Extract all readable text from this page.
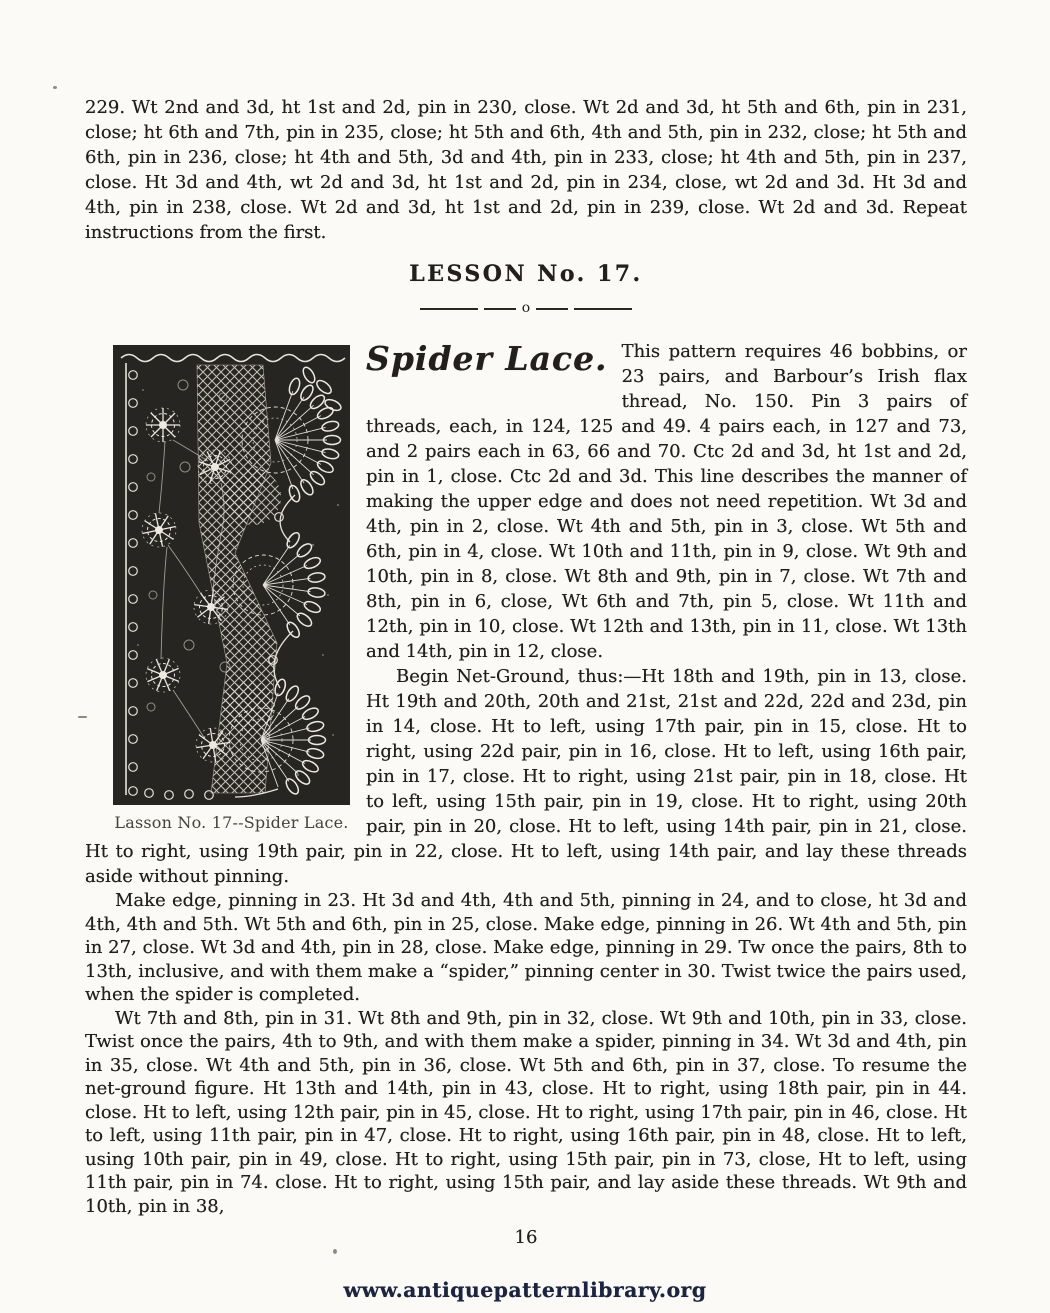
229. Wt 2nd and 3d, ht 1st and 2d, pin in 230, close. Wt 2d and 3d, ht 5th and 6th, pin in 231, close; ht 6th and 7th, pin in 235, close; ht 5th and 6th, 4th and 5th, pin in 232, close; ht 5th and 6th, pin in 236, close; ht 4th and 5th, 3d and 4th, pin in 233, close; ht 4th and 5th, pin in 237, close. Ht 3d and 4th, wt 2d and 3d, ht 1st and 2d, pin in 234, close, wt 2d and 3d. Ht 3d and 4th, pin in 238, close. Wt 2d and 3d, ht 1st and 2d, pin in 239, close. Wt 2d and 3d. Repeat instructions from the first.

LESSON No. 17.
o
Lasson No. 17--Spider Lace.

Spider Lace. This pattern requires 46 bobbins, or 23 pairs, and Barbour’s Irish flax thread, No. 150. Pin 3 pairs of threads, each, in 124, 125 and 49. 4 pairs each, in 127 and 73, and 2 pairs each in 63, 66 and 70. Ctc 2d and 3d, ht 1st and 2d, pin in 1, close. Ctc 2d and 3d. This line describes the manner of making the upper edge and does not need repetition. Wt 3d and 4th, pin in 2, close. Wt 4th and 5th, pin in 3, close. Wt 5th and 6th, pin in 4, close. Wt 10th and 11th, pin in 9, close. Wt 9th and 10th, pin in 8, close. Wt 8th and 9th, pin in 7, close. Wt 7th and 8th, pin in 6, close, Wt 6th and 7th, pin 5, close. Wt 11th and 12th, pin in 10, close. Wt 12th and 13th, pin in 11, close. Wt 13th and 14th, pin in 12, close.

Begin Net-Ground, thus:—Ht 18th and 19th, pin in 13, close. Ht 19th and 20th, 20th and 21st, 21st and 22d, 22d and 23d, pin in 14, close. Ht to left, using 17th pair, pin in 15, close. Ht to right, using 22d pair, pin in 16, close. Ht to left, using 16th pair, pin in 17, close. Ht to right, using 21st pair, pin in 18, close. Ht to left, using 15th pair, pin in 19, close. Ht to right, using 20th pair, pin in 20, close. Ht to left, using 14th pair, pin in 21, close. Ht to right, using 19th pair, pin in 22, close. Ht to left, using 14th pair, and lay these threads aside without pinning.

Make edge, pinning in 23. Ht 3d and 4th, 4th and 5th, pinning in 24, and to close, ht 3d and 4th, 4th and 5th. Wt 5th and 6th, pin in 25, close. Make edge, pinning in 26. Wt 4th and 5th, pin in 27, close. Wt 3d and 4th, pin in 28, close. Make edge, pinning in 29. Tw once the pairs, 8th to 13th, inclusive, and with them make a “spider,” pinning center in 30. Twist twice the pairs used, when the spider is completed.

Wt 7th and 8th, pin in 31. Wt 8th and 9th, pin in 32, close. Wt 9th and 10th, pin in 33, close. Twist once the pairs, 4th to 9th, and with them make a spider, pinning in 34. Wt 3d and 4th, pin in 35, close. Wt 4th and 5th, pin in 36, close. Wt 5th and 6th, pin in 37, close. To resume the net-ground figure. Ht 13th and 14th, pin in 43, close. Ht to right, using 18th pair, pin in 44. close. Ht to left, using 12th pair, pin in 45, close. Ht to right, using 17th pair, pin in 46, close. Ht to left, using 11th pair, pin in 47, close. Ht to right, using 16th pair, pin in 48, close. Ht to left, using 10th pair, pin in 49, close. Ht to right, using 15th pair, pin in 73, close, Ht to left, using 11th pair, pin in 74. close. Ht to right, using 15th pair, and lay aside these threads. Wt 9th and 10th, pin in 38,

16
www.antiquepatternlibrary.org
